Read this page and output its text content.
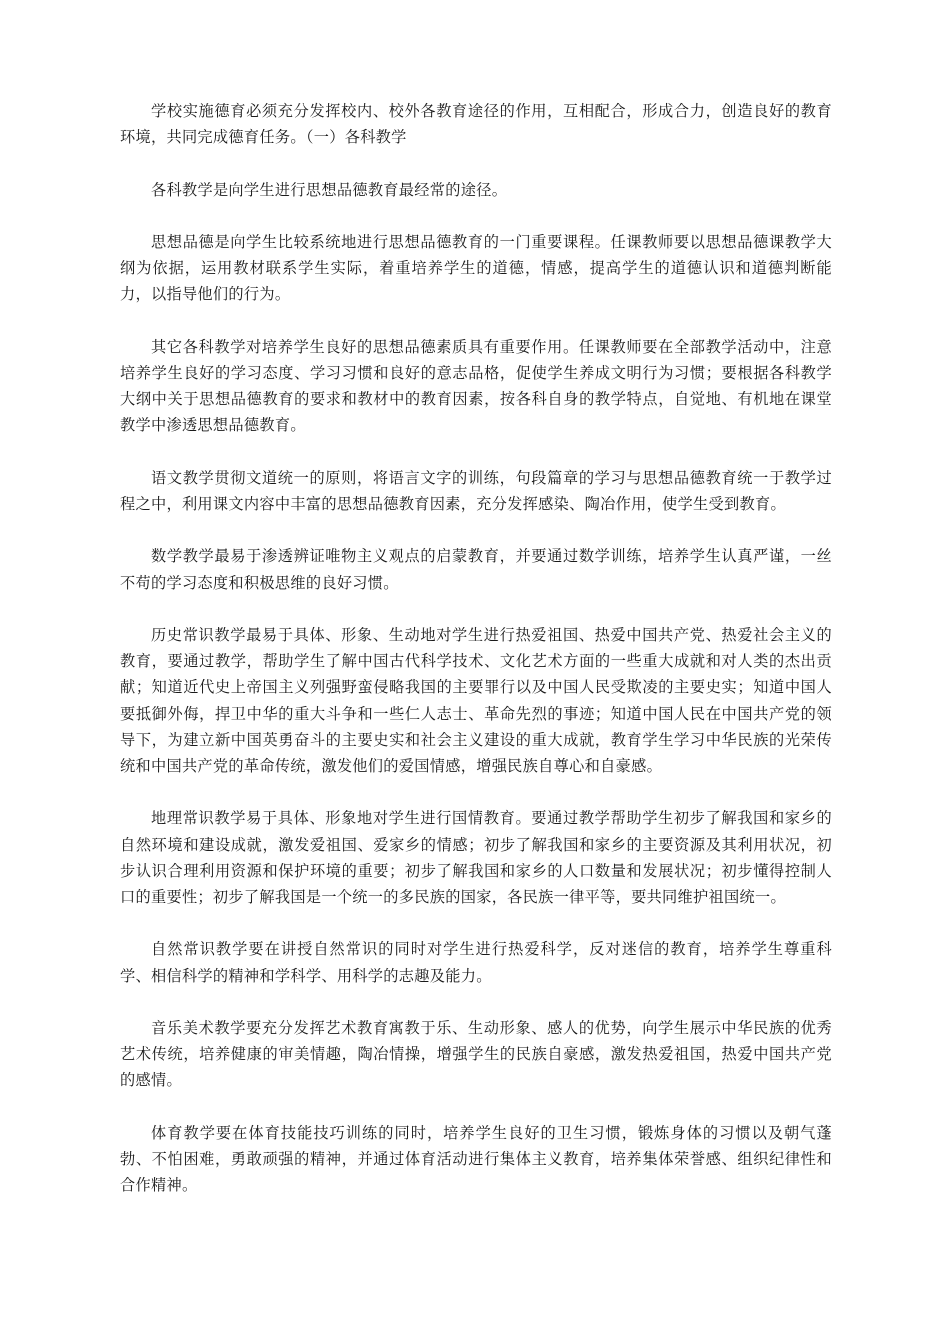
学校实施德育必须充分发挥校内、校外各教育途径的作用，互相配合，形成合力，创造良好的教育环境，共同完成德育任务。（一）各科教学

各科教学是向学生进行思想品德教育最经常的途径。

思想品德是向学生比较系统地进行思想品德教育的一门重要课程。任课教师要以思想品德课教学大纲为依据，运用教材联系学生实际，着重培养学生的道德，情感，提高学生的道德认识和道德判断能力，以指导他们的行为。

其它各科教学对培养学生良好的思想品德素质具有重要作用。任课教师要在全部教学活动中，注意培养学生良好的学习态度、学习习惯和良好的意志品格，促使学生养成文明行为习惯；要根据各科教学大纲中关于思想品德教育的要求和教材中的教育因素，按各科自身的教学特点，自觉地、有机地在课堂教学中渗透思想品德教育。

语文教学贯彻文道统一的原则，将语言文字的训练，句段篇章的学习与思想品德教育统一于教学过程之中，利用课文内容中丰富的思想品德教育因素，充分发挥感染、陶冶作用，使学生受到教育。

数学教学最易于渗透辨证唯物主义观点的启蒙教育，并要通过数学训练，培养学生认真严谨，一丝不苟的学习态度和积极思维的良好习惯。

历史常识教学最易于具体、形象、生动地对学生进行热爱祖国、热爱中国共产党、热爱社会主义的教育，要通过教学，帮助学生了解中国古代科学技术、文化艺术方面的一些重大成就和对人类的杰出贡献；知道近代史上帝国主义列强野蛮侵略我国的主要罪行以及中国人民受欺凌的主要史实；知道中国人要抵御外侮，捍卫中华的重大斗争和一些仁人志士、革命先烈的事迹；知道中国人民在中国共产党的领导下，为建立新中国英勇奋斗的主要史实和社会主义建设的重大成就，教育学生学习中华民族的光荣传统和中国共产党的革命传统，激发他们的爱国情感，增强民族自尊心和自豪感。

地理常识教学易于具体、形象地对学生进行国情教育。要通过教学帮助学生初步了解我国和家乡的自然环境和建设成就，激发爱祖国、爱家乡的情感；初步了解我国和家乡的主要资源及其利用状况，初步认识合理利用资源和保护环境的重要；初步了解我国和家乡的人口数量和发展状况；初步懂得控制人口的重要性；初步了解我国是一个统一的多民族的国家，各民族一律平等，要共同维护祖国统一。

自然常识教学要在讲授自然常识的同时对学生进行热爱科学，反对迷信的教育，培养学生尊重科学、相信科学的精神和学科学、用科学的志趣及能力。

音乐美术教学要充分发挥艺术教育寓教于乐、生动形象、感人的优势，向学生展示中华民族的优秀艺术传统，培养健康的审美情趣，陶冶情操，增强学生的民族自豪感，激发热爱祖国，热爱中国共产党的感情。

体育教学要在体育技能技巧训练的同时，培养学生良好的卫生习惯，锻炼身体的习惯以及朝气蓬勃、不怕困难，勇敢顽强的精神，并通过体育活动进行集体主义教育，培养集体荣誉感、组织纪律性和合作精神。
